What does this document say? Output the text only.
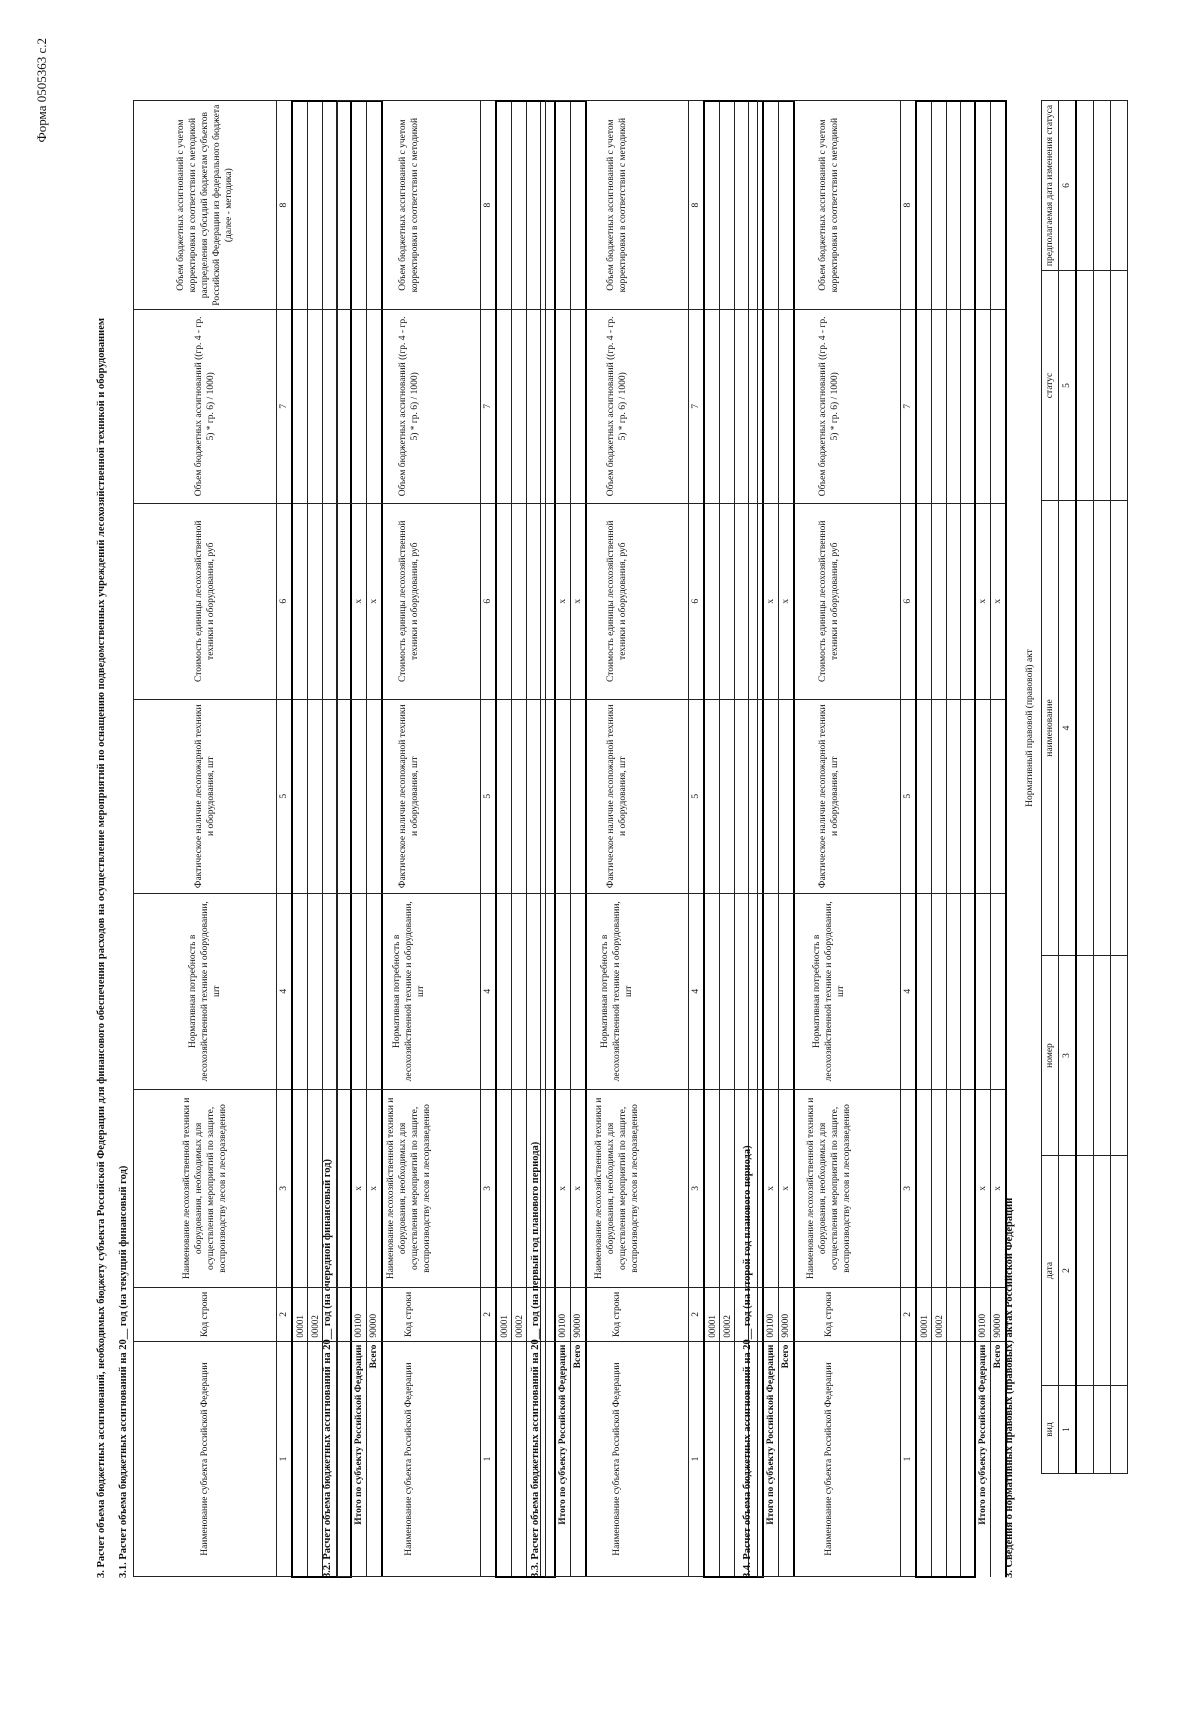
Форма 0505363 с.2
3. Расчет объема бюджетных ассигнований, необходимых бюджету субъекта Российской Федерации для финансового обеспечения расходов на осуществление мероприятий по оснащению подведомственных учреждений лесохозяйственной техникой и оборудованием 3.1. Расчет объема бюджетных ассигнований на 20__ год (на текущий финансовый год)	Наименование субъекта Российской Федерации	Код строки	Наименование лесохозяйственной техники и оборудования, необходимых для осуществления мероприятий по защите, воспроизводству лесов и лесоразведению	Нормативная потребность в лесохозяйственной технике и оборудовании, шт	Фактическое наличие лесопожарной техники и оборудования, шт	Стоимость единицы лесохозяйственной техники и оборудования, руб	Объем бюджетных ассигнований ((гр. 4 - гр. 5) * гр. 6) / 1000)	Объем бюджетных ассигнований с учетом корректировки в соответствии с методикой распределения субсидий бюджетам субъектов Российской Федерации из федерального бюджета (далее - методика)
1	2	3	4	5	6	7	8
	00001						
	00002						

Итого по субъекту Российской Федерации	00100	x			x		
Всего	90000	x			x		
3.2. Расчет объема бюджетных ассигнований на 20__ год (на очередной финансовый год)	Наименование субъекта Российской Федерации	Код строки	Наименование лесохозяйственной техники и оборудования, необходимых для осуществления мероприятий по защите, воспроизводству лесов и лесоразведению	Нормативная потребность в лесохозяйственной технике и оборудовании, шт	Фактическое наличие лесопожарной техники и оборудования, шт	Стоимость единицы лесохозяйственной техники и оборудования, руб	Объем бюджетных ассигнований ((гр. 4 - гр. 5) * гр. 6) / 1000)	Объем бюджетных ассигнований с учетом корректировки в соответствии с методикой
1	2	3	4	5	6	7	8
	00001						
	00002						

Итого по субъекту Российской Федерации	00100	x			x		
Всего	90000	x			x		
3.3. Расчет объема бюджетных ассигнований на 20__ год (на первый год планового периода)	Наименование субъекта Российской Федерации	Код строки	Наименование лесохозяйственной техники и оборудования, необходимых для осуществления мероприятий по защите, воспроизводству лесов и лесоразведению	Нормативная потребность в лесохозяйственной технике и оборудовании, шт	Фактическое наличие лесопожарной техники и оборудования, шт	Стоимость единицы лесохозяйственной техники и оборудования, руб	Объем бюджетных ассигнований ((гр. 4 - гр. 5) * гр. 6) / 1000)	Объем бюджетных ассигнований с учетом корректировки в соответствии с методикой
1	2	3	4	5	6	7	8
	00001						
	00002						

Итого по субъекту Российской Федерации	00100	x			x		
Всего	90000	x			x		
3.4. Расчет объема бюджетных ассигнований на 20__ год (на второй год планового периода)	Наименование субъекта Российской Федерации	Код строки	Наименование лесохозяйственной техники и оборудования, необходимых для осуществления мероприятий по защите, воспроизводству лесов и лесоразведению	Нормативная потребность в лесохозяйственной технике и оборудовании, шт	Фактическое наличие лесопожарной техники и оборудования, шт	Стоимость единицы лесохозяйственной техники и оборудования, руб	Объем бюджетных ассигнований ((гр. 4 - гр. 5) * гр. 6) / 1000)	Объем бюджетных ассигнований с учетом корректировки в соответствии с методикой
1	2	3	4	5	6	7	8
	00001						
	00002						

Итого по субъекту Российской Федерации	00100	x			x		
Всего	90000	x			x		
3. Сведения о нормативных правовых (правовых) актах Российской Федерации
			Нормативный правовой (правовой) акт		
вид	дата	номер	наименование	статус	предполагаемая дата изменения статуса
1	2	3	4	5	6
